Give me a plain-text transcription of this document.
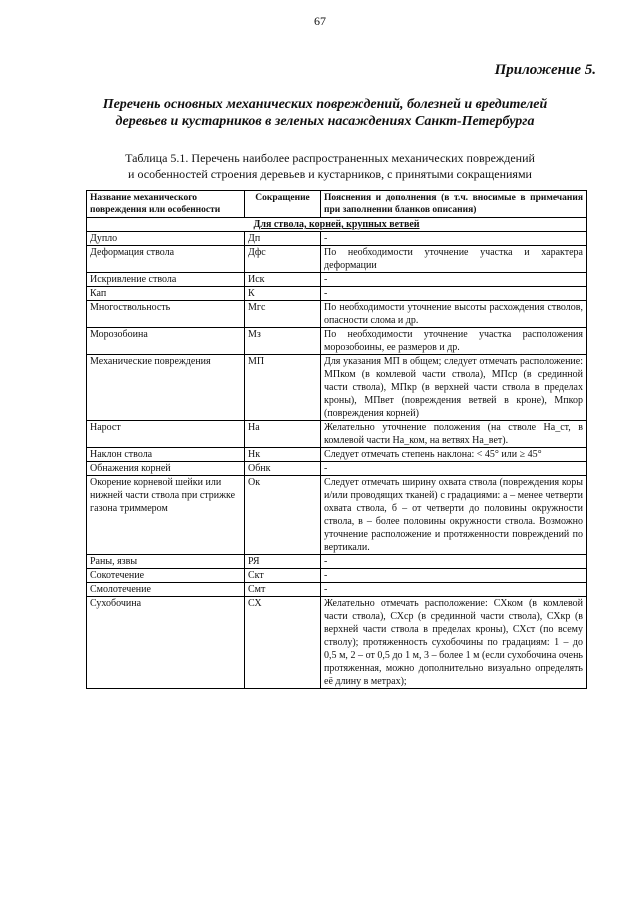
67
Приложение 5.
Перечень основных механических повреждений, болезней и вредителей
деревьев и кустарников в зеленых насаждениях Санкт-Петербурга
Таблица 5.1. Перечень наиболее распространенных механических повреждений
и особенностей строения деревьев и кустарников, с принятыми сокращениями
Название механического повреждения или особенности	Сокращение	Пояснения и дополнения (в т.ч. вносимые в примечания при заполнении бланков описания)
Для ствола, корней, крупных ветвей		
Дупло	Дп	-
Деформация ствола	Дфс	По необходимости уточнение участка и характера деформации
Искривление ствола	Иск	-
Кап	К	-
Многоствольность	Мгс	По необходимости уточнение высоты расхождения стволов, опасности слома и др.
Морозобоина	Мз	По необходимости уточнение участка расположения морозобоины, ее размеров и др.
Механические повреждения	МП	Для указания МП в общем; следует отмечать расположение: МПком (в комлевой части ствола), МПср (в срединной части ствола), МПкр (в верхней части ствола в пределах кроны), МПвет (повреждения ветвей в кроне), Мпкор (повреждения корней)
Нарост	На	Желательно уточнение положения (на стволе На_ст, в комлевой части На_ком, на ветвях На_вет).
Наклон ствола	Нк	Следует отмечать степень наклона: < 45° или ≥ 45°
Обнажения корней	Обнк	-
Окорение корневой шейки или нижней части ствола при стрижке газона триммером	Ок	Следует отмечать ширину охвата ствола (повреждения коры и/или проводящих тканей) с градациями: а – менее четверти охвата ствола, б – от четверти до половины окружности ствола, в – более половины окружности ствола. Возможно уточнение расположение и протяженности повреждений по вертикали.
Раны, язвы	РЯ	-
Сокотечение	Скт	-
Смолотечение	Смт	-
Сухобочина	СХ	Желательно отмечать расположение: СХком (в комлевой части ствола), СХср (в срединной части ствола), СХкр (в верхней части ствола в пределах кроны), СХст (по всему стволу); протяженность сухобочины по градациям: 1 – до 0,5 м, 2 – от 0,5 до 1 м, 3 – более 1 м (если сухобочина очень протяженная, можно дополнительно визуально определять её длину в метрах);
